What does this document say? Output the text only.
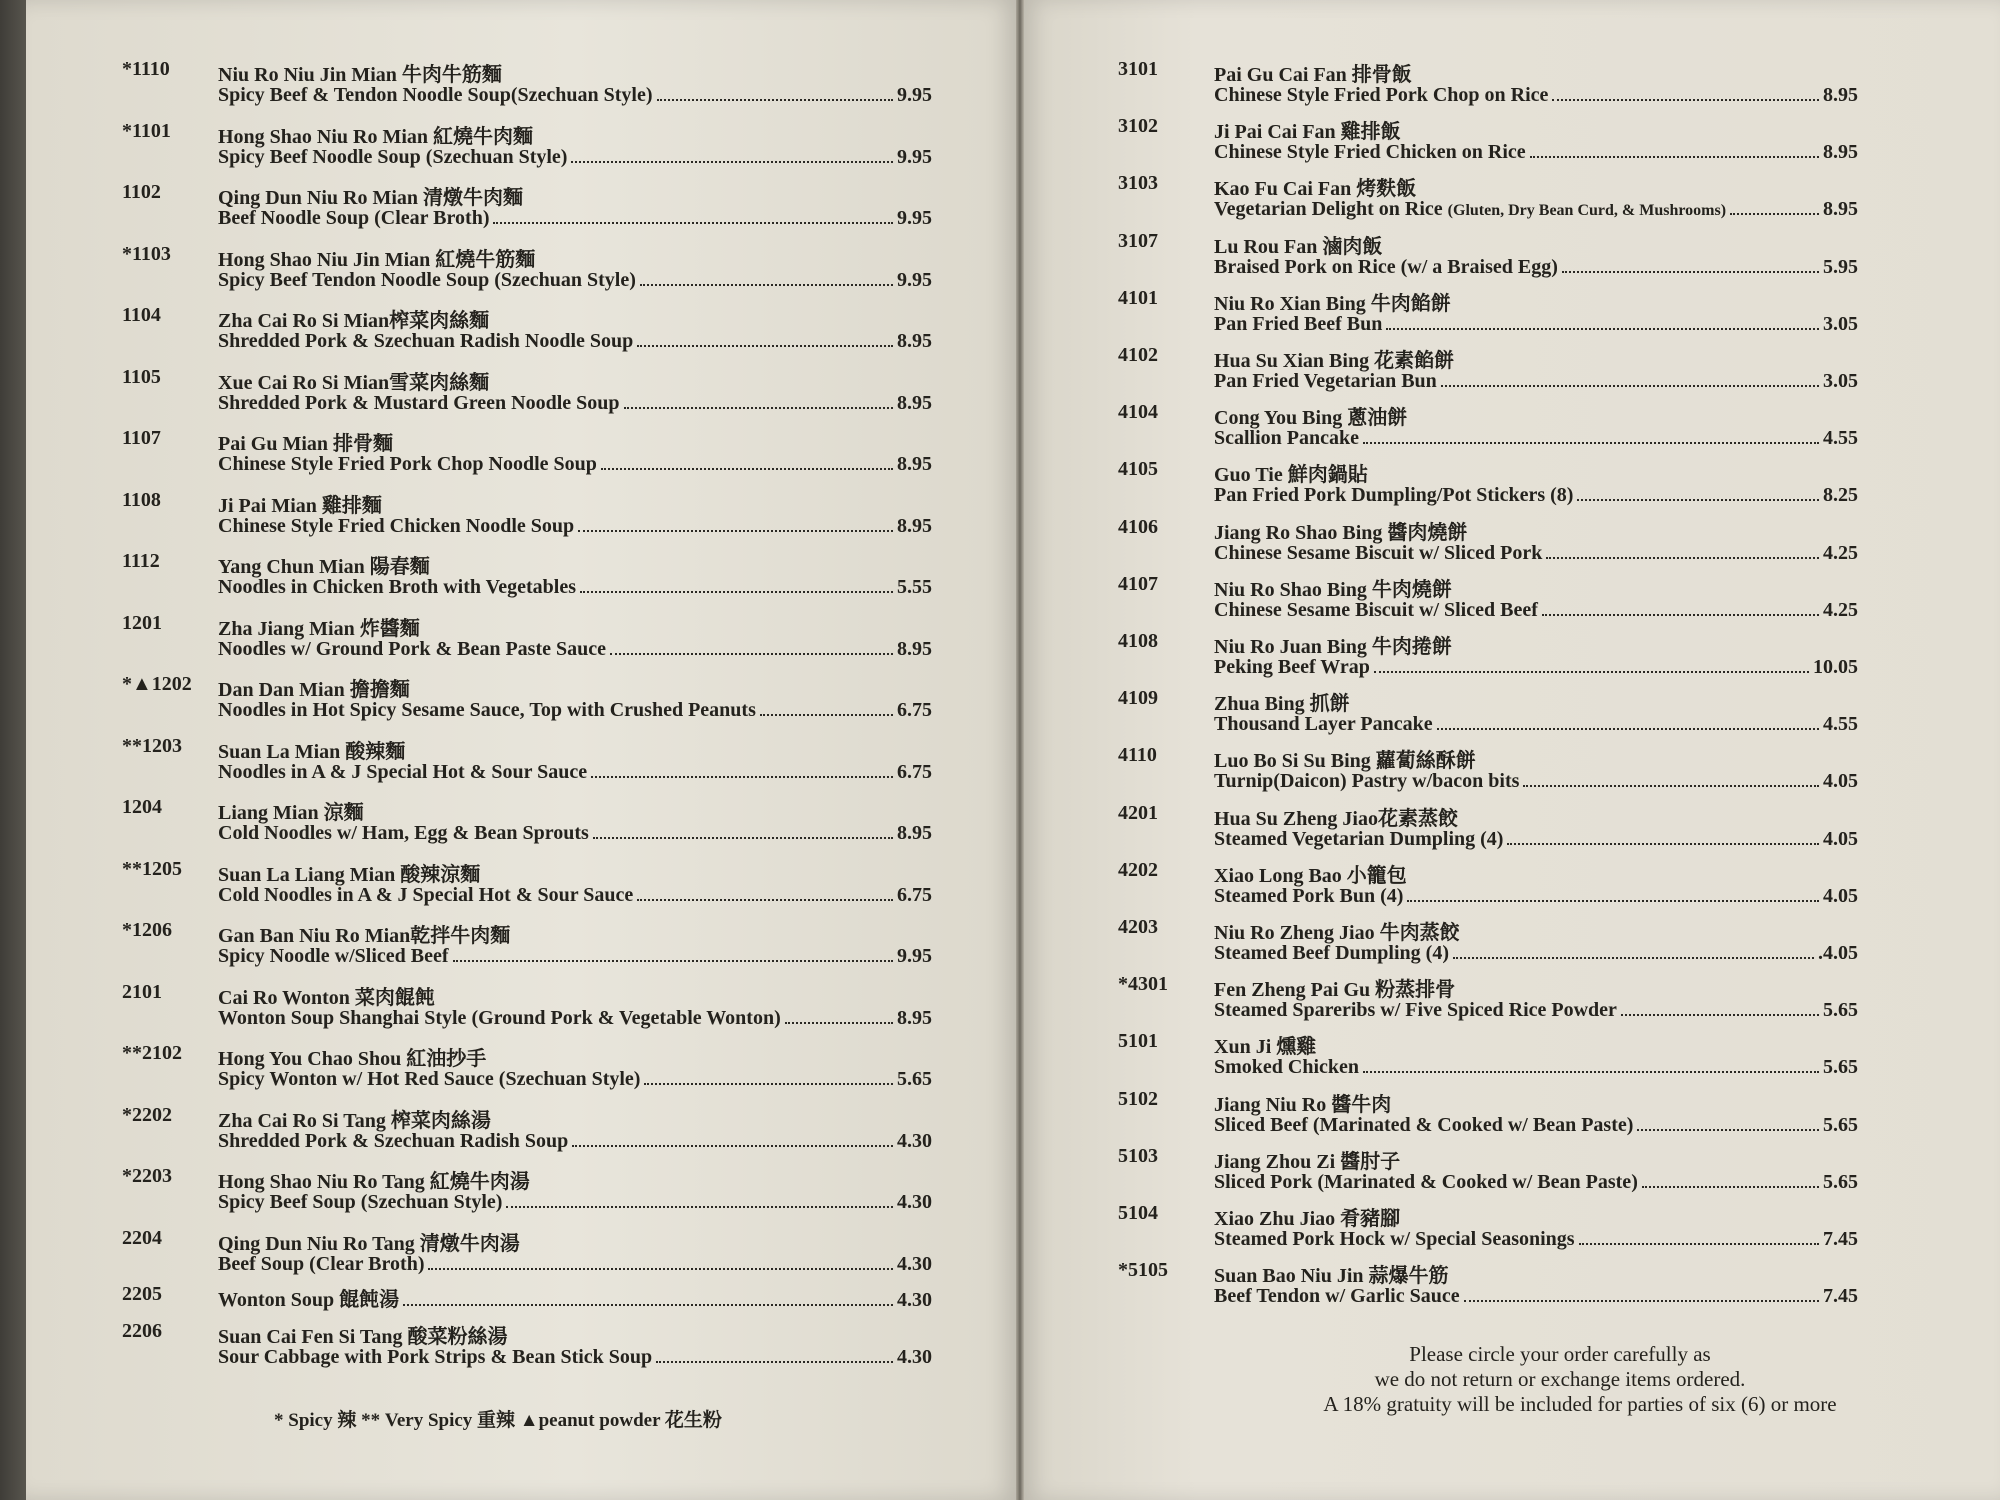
*1110 Niu Ro Niu Jin Mian 牛肉牛筋麵
Spicy Beef & Tendon Noodle Soup(Szechuan Style)	9.95
*1101 Hong Shao Niu Ro Mian 紅燒牛肉麵
Spicy Beef Noodle Soup (Szechuan Style)	9.95
1102	Qing Dun Niu Ro Mian 清燉牛肉麵
Beef Noodle Soup (Clear Broth)	9.95
*1103 Hong Shao Niu Jin Mian 紅燒牛筋麵
Spicy Beef Tendon Noodle Soup (Szechuan Style)	9.95
1104	Zha Cai Ro Si Mian榨菜肉絲麵
Shredded Pork & Szechuan Radish Noodle Soup	8.95
1105	Xue Cai Ro Si Mian雪菜肉絲麵
Shredded Pork & Mustard Green Noodle Soup	8.95
1107	Pai Gu Mian 排骨麵
Chinese Style Fried Pork Chop Noodle Soup	8.95
1108	Ji Pai Mian 雞排麵
Chinese Style Fried Chicken Noodle Soup	8.95
1112	Yang Chun Mian 陽春麵
Noodles in Chicken Broth with Vegetables	5.55
1201	Zha Jiang Mian 炸醬麵
Noodles w/ Ground Pork & Bean Paste Sauce	8.95
*▲1202 Dan Dan Mian 擔擔麵
Noodles in Hot Spicy Sesame Sauce, Top with Crushed Peanuts	6.75
**1203 Suan La Mian 酸辣麵
Noodles in A & J Special Hot & Sour Sauce	6.75
1204	Liang Mian 涼麵
Cold Noodles w/ Ham, Egg & Bean Sprouts	8.95
**1205 Suan La Liang Mian 酸辣涼麵
Cold Noodles in A & J Special Hot & Sour Sauce	6.75
*1206 Gan Ban Niu Ro Mian乾拌牛肉麵
Spicy Noodle w/Sliced Beef	9.95
2101	Cai Ro Wonton 菜肉餛飩
Wonton Soup Shanghai Style (Ground Pork & Vegetable Wonton)	8.95
**2102 Hong You Chao Shou 紅油抄手
Spicy Wonton w/ Hot Red Sauce (Szechuan Style)	5.65
*2202 Zha Cai Ro Si Tang 榨菜肉絲湯
Shredded Pork & Szechuan Radish Soup	4.30
*2203 Hong Shao Niu Ro Tang 紅燒牛肉湯
Spicy Beef Soup (Szechuan Style)	4.30
2204	Qing Dun Niu Ro Tang 清燉牛肉湯
Beef Soup (Clear Broth)	4.30
2205	Wonton Soup 餛飩湯	4.30
2206	Suan Cai Fen Si Tang 酸菜粉絲湯
Sour Cabbage with Pork Strips & Bean Stick Soup	4.30
3101	Pai Gu Cai Fan 排骨飯
Chinese Style Fried Pork Chop on Rice	8.95
3102	Ji Pai Cai Fan 雞排飯
Chinese Style Fried Chicken on Rice	8.95
3103	Kao Fu Cai Fan 烤麩飯
Vegetarian Delight on Rice (Gluten, Dry Bean Curd, & Mushrooms)	8.95
3107	Lu Rou Fan 滷肉飯
Braised Pork on Rice (w/ a Braised Egg)	5.95
4101	Niu Ro Xian Bing 牛肉餡餅
Pan Fried Beef Bun	3.05
4102	Hua Su Xian Bing 花素餡餅
Pan Fried Vegetarian Bun	3.05
4104	Cong You Bing 蔥油餅
Scallion Pancake	4.55
4105	Guo Tie 鮮肉鍋貼
Pan Fried Pork Dumpling/Pot Stickers (8)	8.25
4106	Jiang Ro Shao Bing 醬肉燒餅
Chinese Sesame Biscuit w/ Sliced Pork	4.25
4107	Niu Ro Shao Bing 牛肉燒餅
Chinese Sesame Biscuit w/ Sliced Beef	4.25
4108	Niu Ro Juan Bing 牛肉捲餅
Peking Beef Wrap	10.05
4109	Zhua Bing 抓餅
Thousand Layer Pancake	4.55
4110	Luo Bo Si Su Bing 蘿蔔絲酥餅
Turnip(Daicon) Pastry w/bacon bits	4.05
4201	Hua Su Zheng Jiao花素蒸餃
Steamed Vegetarian Dumpling (4)	4.05
4202	Xiao Long Bao 小籠包
Steamed Pork Bun (4)	4.05
4203	Niu Ro Zheng Jiao 牛肉蒸餃
Steamed Beef Dumpling (4)	.4.05
*4301 Fen Zheng Pai Gu 粉蒸排骨
Steamed Spareribs w/ Five Spiced Rice Powder	5.65
5101	Xun Ji 燻雞
Smoked Chicken	5.65
5102	Jiang Niu Ro 醬牛肉
Sliced Beef (Marinated & Cooked w/ Bean Paste)	5.65
5103	Jiang Zhou Zi 醬肘子
Sliced Pork (Marinated & Cooked w/ Bean Paste)	5.65
5104	Xiao Zhu Jiao 肴豬腳
Steamed Pork Hock w/ Special Seasonings	7.45
*5105 Suan Bao Niu Jin 蒜爆牛筋
Beef Tendon w/ Garlic Sauce	7.45
* Spicy 辣 ** Very Spicy 重辣 ▲peanut powder 花生粉
Please circle your order carefully as
we do not return or exchange items ordered.
A 18% gratuity will be included for parties of six (6) or more
